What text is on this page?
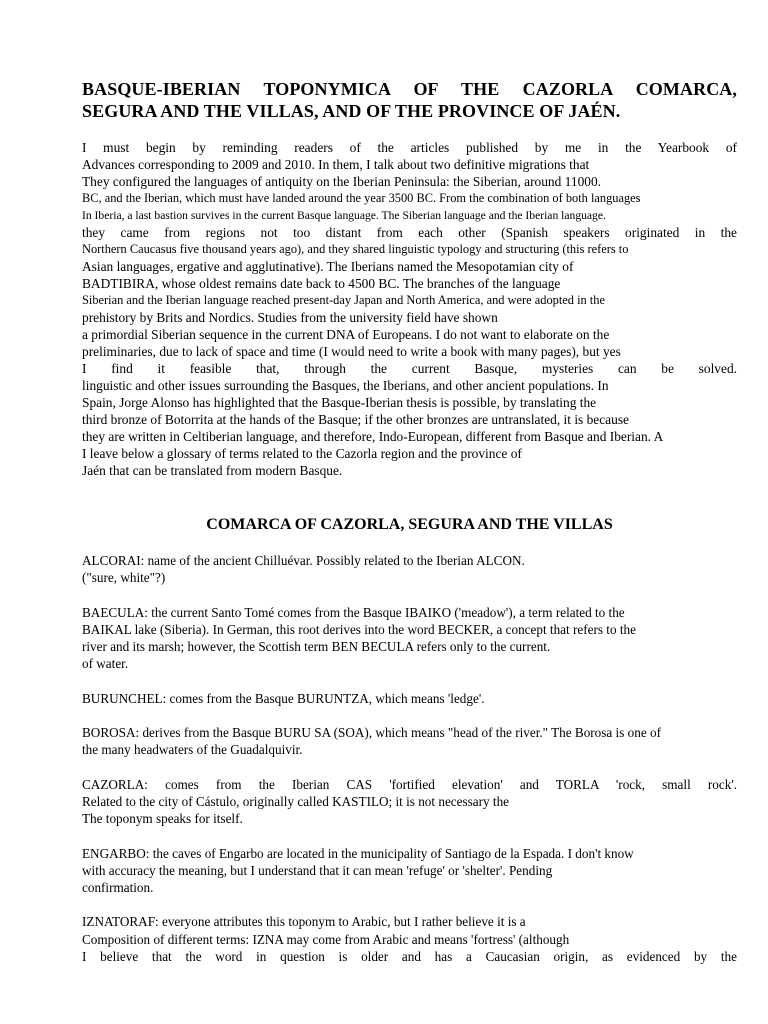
BASQUE-IBERIAN TOPONYMICA OF THE CAZORLA COMARCA,
SEGURA AND THE VILLAS, AND OF THE PROVINCE OF JAÉN.
I must begin by reminding readers of the articles published by me in the Yearbook of
Advances corresponding to 2009 and 2010. In them, I talk about two definitive migrations that
They configured the languages of antiquity on the Iberian Peninsula: the Siberian, around 11000.
BC, and the Iberian, which must have landed around the year 3500 BC. From the combination of both languages
In Iberia, a last bastion survives in the current Basque language. The Siberian language and the Iberian language.
they came from regions not too distant from each other (Spanish speakers originated in the
Northern Caucasus five thousand years ago), and they shared linguistic typology and structuring (this refers to
Asian languages, ergative and agglutinative). The Iberians named the Mesopotamian city of
BADTIBIRA, whose oldest remains date back to 4500 BC. The branches of the language
Siberian and the Iberian language reached present-day Japan and North America, and were adopted in the
prehistory by Brits and Nordics. Studies from the university field have shown
a primordial Siberian sequence in the current DNA of Europeans. I do not want to elaborate on the
preliminaries, due to lack of space and time (I would need to write a book with many pages), but yes
I find it feasible that, through the current Basque, mysteries can be solved.
linguistic and other issues surrounding the Basques, the Iberians, and other ancient populations. In
Spain, Jorge Alonso has highlighted that the Basque-Iberian thesis is possible, by translating the
third bronze of Botorrita at the hands of the Basque; if the other bronzes are untranslated, it is because
they are written in Celtiberian language, and therefore, Indo-European, different from Basque and Iberian. A
I leave below a glossary of terms related to the Cazorla region and the province of
Jaén that can be translated from modern Basque.
COMARCA OF CAZORLA, SEGURA AND THE VILLAS
ALCORAI: name of the ancient Chilluévar. Possibly related to the Iberian ALCON.
("sure, white"?)
BAECULA: the current Santo Tomé comes from the Basque IBAIKO ('meadow'), a term related to the
BAIKAL lake (Siberia). In German, this root derives into the word BECKER, a concept that refers to the
river and its marsh; however, the Scottish term BEN BECULA refers only to the current.
of water.
BURUNCHEL: comes from the Basque BURUNTZA, which means 'ledge'.
BOROSA: derives from the Basque BURU SA (SOA), which means "head of the river." The Borosa is one of
the many headwaters of the Guadalquivir.
CAZORLA: comes from the Iberian CAS 'fortified elevation' and TORLA 'rock, small rock'.
Related to the city of Cástulo, originally called KASTILO; it is not necessary the
The toponym speaks for itself.
ENGARBO: the caves of Engarbo are located in the municipality of Santiago de la Espada. I don't know
with accuracy the meaning, but I understand that it can mean 'refuge' or 'shelter'. Pending
confirmation.
IZNATORAF: everyone attributes this toponym to Arabic, but I rather believe it is a
Composition of different terms: IZNA may come from Arabic and means 'fortress' (although
I believe that the word in question is older and has a Caucasian origin, as evidenced by the
